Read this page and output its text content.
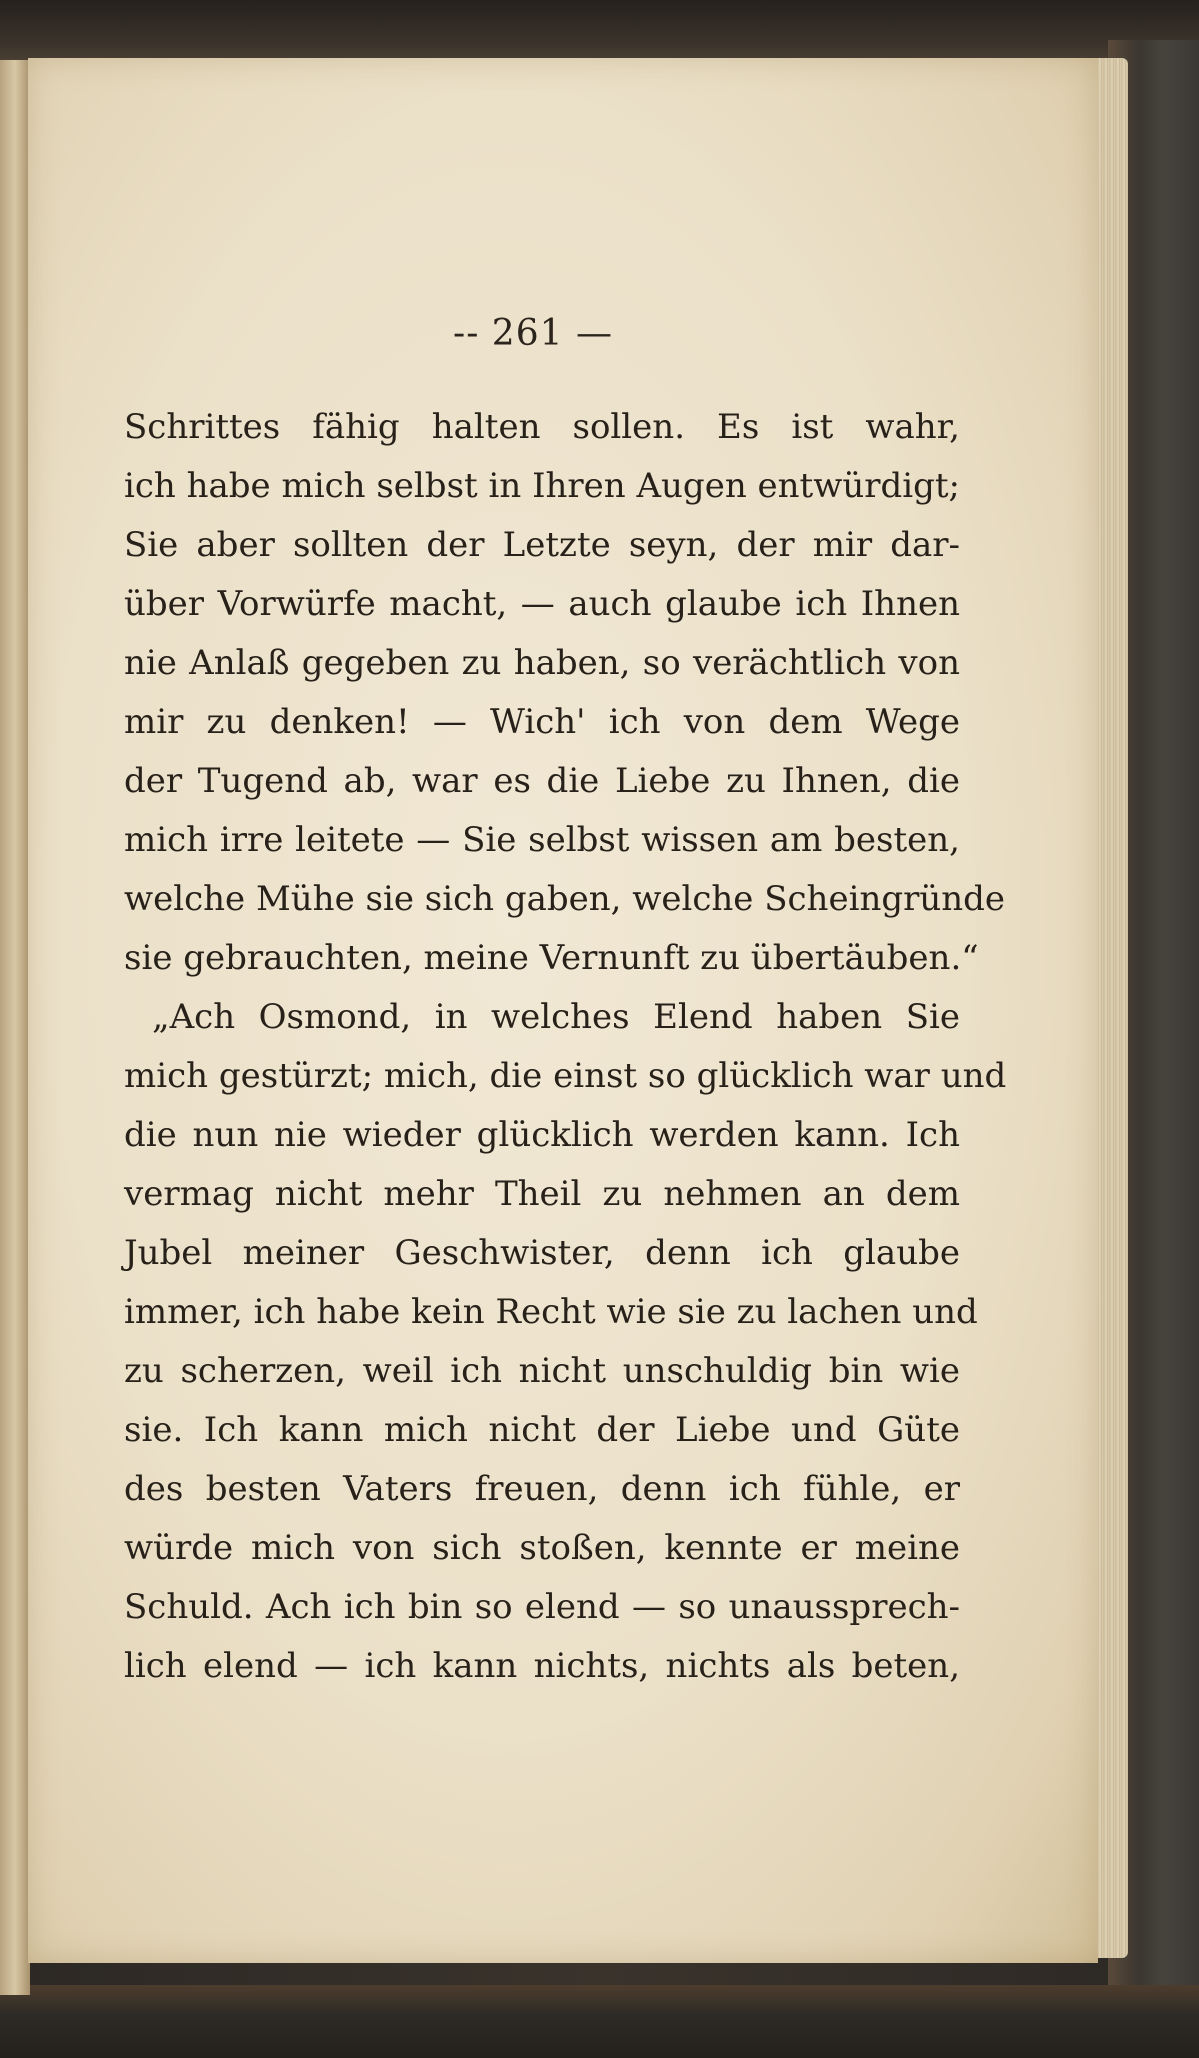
-- 261 —
Schrittes fähig halten sollen. Es ist wahr,
ich habe mich selbst in Ihren Augen entwürdigt;
Sie aber sollten der Letzte seyn, der mir dar-
über Vorwürfe macht, — auch glaube ich Ihnen
nie Anlaß gegeben zu haben, so verächtlich von
mir zu denken! — Wich' ich von dem Wege
der Tugend ab, war es die Liebe zu Ihnen, die
mich irre leitete — Sie selbst wissen am besten,
welche Mühe sie sich gaben, welche Scheingründe
sie gebrauchten, meine Vernunft zu übertäuben.“
„Ach Osmond, in welches Elend haben Sie
mich gestürzt; mich, die einst so glücklich war und
die nun nie wieder glücklich werden kann. Ich
vermag nicht mehr Theil zu nehmen an dem
Jubel meiner Geschwister, denn ich glaube
immer, ich habe kein Recht wie sie zu lachen und
zu scherzen, weil ich nicht unschuldig bin wie
sie. Ich kann mich nicht der Liebe und Güte
des besten Vaters freuen, denn ich fühle, er
würde mich von sich stoßen, kennte er meine
Schuld. Ach ich bin so elend — so unaussprech-
lich elend — ich kann nichts, nichts als beten,
